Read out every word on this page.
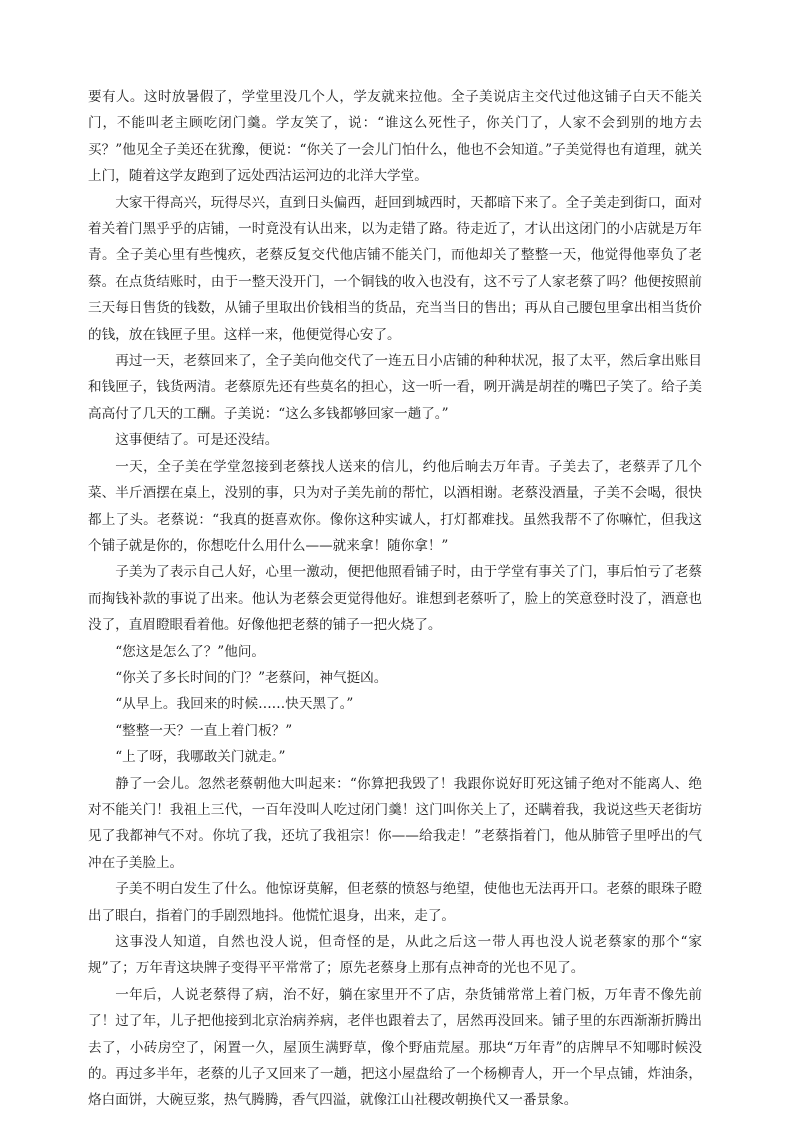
要有人。这时放暑假了，学堂里没几个人，学友就来拉他。全子美说店主交代过他这铺子白天不能关门，不能叫老主顾吃闭门羹。学友笑了，说：“谁这么死性子，你关门了，人家不会到别的地方去买？”他见全子美还在犹豫，便说：“你关了一会儿门怕什么，他也不会知道。”子美觉得也有道理，就关上门，随着这学友跑到了远处西沽运河边的北洋大学堂。

大家干得高兴，玩得尽兴，直到日头偏西，赶回到城西时，天都暗下来了。全子美走到街口，面对着关着门黑乎乎的店铺，一时竟没有认出来，以为走错了路。待走近了，才认出这闭门的小店就是万年青。全子美心里有些愧疚，老蔡反复交代他店铺不能关门，而他却关了整整一天，他觉得他辜负了老蔡。在点货结账时，由于一整天没开门，一个铜钱的收入也没有，这不亏了人家老蔡了吗？他便按照前三天每日售货的钱数，从铺子里取出价钱相当的货品，充当当日的售出；再从自己腰包里拿出相当货价的钱，放在钱匣子里。这样一来，他便觉得心安了。

再过一天，老蔡回来了，全子美向他交代了一连五日小店铺的种种状况，报了太平，然后拿出账目和钱匣子，钱货两清。老蔡原先还有些莫名的担心，这一听一看，咧开满是胡茬的嘴巴子笑了。给子美高高付了几天的工酬。子美说：“这么多钱都够回家一趟了。”

这事便结了。可是还没结。

一天，全子美在学堂忽接到老蔡找人送来的信儿，约他后晌去万年青。子美去了，老蔡弄了几个菜、半斤酒摆在桌上，没别的事，只为对子美先前的帮忙，以酒相谢。老蔡没酒量，子美不会喝，很快都上了头。老蔡说：“我真的挺喜欢你。像你这种实诚人，打灯都难找。虽然我帮不了你嘛忙，但我这个铺子就是你的，你想吃什么用什么——就来拿！随你拿！”

子美为了表示自己人好，心里一激动，便把他照看铺子时，由于学堂有事关了门，事后怕亏了老蔡而掏钱补款的事说了出来。他认为老蔡会更觉得他好。谁想到老蔡听了，脸上的笑意登时没了，酒意也没了，直眉瞪眼看着他。好像他把老蔡的铺子一把火烧了。

“您这是怎么了？”他问。

“你关了多长时间的门？”老蔡问，神气挺凶。

“从早上。我回来的时候……快天黑了。”

“整整一天？一直上着门板？”

“上了呀，我哪敢关门就走。”

静了一会儿。忽然老蔡朝他大叫起来：“你算把我毁了！我跟你说好盯死这铺子绝对不能离人、绝对不能关门！我祖上三代，一百年没叫人吃过闭门羹！这门叫你关上了，还瞒着我，我说这些天老街坊见了我都神气不对。你坑了我，还坑了我祖宗！你——给我走！”老蔡指着门，他从肺管子里呼出的气冲在子美脸上。

子美不明白发生了什么。他惊讶莫解，但老蔡的愤怒与绝望，使他也无法再开口。老蔡的眼珠子瞪出了眼白，指着门的手剧烈地抖。他慌忙退身，出来，走了。

这事没人知道，自然也没人说，但奇怪的是，从此之后这一带人再也没人说老蔡家的那个“家规”了；万年青这块牌子变得平平常常了；原先老蔡身上那有点神奇的光也不见了。

一年后，人说老蔡得了病，治不好，躺在家里开不了店，杂货铺常常上着门板，万年青不像先前了！过了年，儿子把他接到北京治病养病，老伴也跟着去了，居然再没回来。铺子里的东西渐渐折腾出去了，小砖房空了，闲置一久，屋顶生满野草，像个野庙荒屋。那块“万年青”的店牌早不知哪时候没的。再过多半年，老蔡的儿子又回来了一趟，把这小屋盘给了一个杨柳青人，开一个早点铺，炸油条，烙白面饼，大碗豆浆，热气腾腾，香气四溢，就像江山社稷改朝换代又一番景象。
